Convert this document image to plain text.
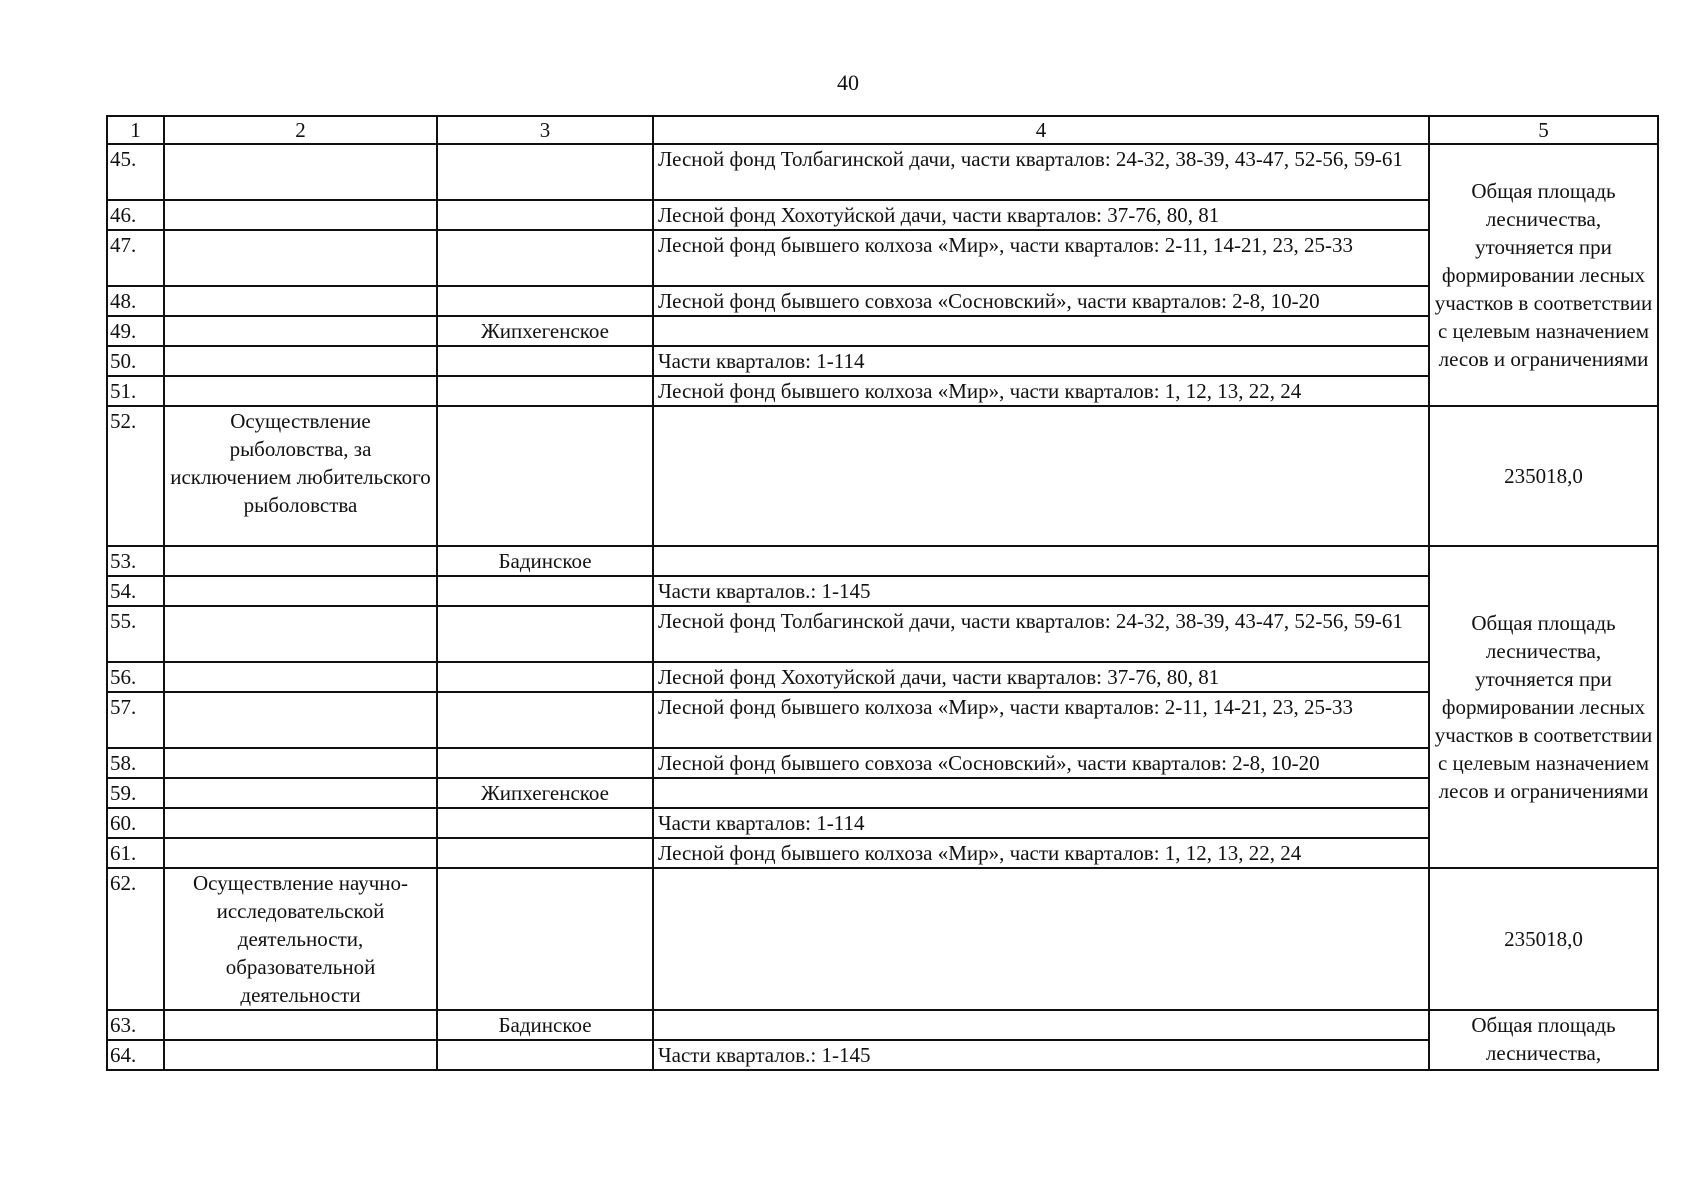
40
1	2	3	4	5
45.			Лесной фонд Толбагинской дачи, части кварталов: 24-32, 38-39, 43-47, 52-56, 59-61	Общая площадь лесничества, уточняется при формировании лесных участков в соответствии с целевым назначением лесов и ограничениями
46.			Лесной фонд Хохотуйской дачи, части кварталов: 37-76, 80, 81	
47.			Лесной фонд бывшего колхоза «Мир», части кварталов: 2-11, 14-21, 23, 25-33	
48.			Лесной фонд бывшего совхоза «Сосновский», части кварталов: 2-8, 10-20	
49.		Жипхегенское		
50.			Части кварталов: 1-114	
51.			Лесной фонд бывшего колхоза «Мир», части кварталов: 1, 12, 13, 22, 24	
52.	Осуществление рыболовства, за исключением любительского рыболовства			235018,0
53.		Бадинское		Общая площадь лесничества, уточняется при формировании лесных участков в соответствии с целевым назначением лесов и ограничениями
54.			Части кварталов.: 1-145	
55.			Лесной фонд Толбагинской дачи, части кварталов: 24-32, 38-39, 43-47, 52-56, 59-61	
56.			Лесной фонд Хохотуйской дачи, части кварталов: 37-76, 80, 81	
57.			Лесной фонд бывшего колхоза «Мир», части кварталов: 2-11, 14-21, 23, 25-33	
58.			Лесной фонд бывшего совхоза «Сосновский», части кварталов: 2-8, 10-20	
59.		Жипхегенское		
60.			Части кварталов: 1-114	
61.			Лесной фонд бывшего колхоза «Мир», части кварталов: 1, 12, 13, 22, 24	
62.	Осуществление научно-исследовательской деятельности, образовательной деятельности			235018,0
63.		Бадинское		Общая площадь лесничества,
64.			Части кварталов.: 1-145	
